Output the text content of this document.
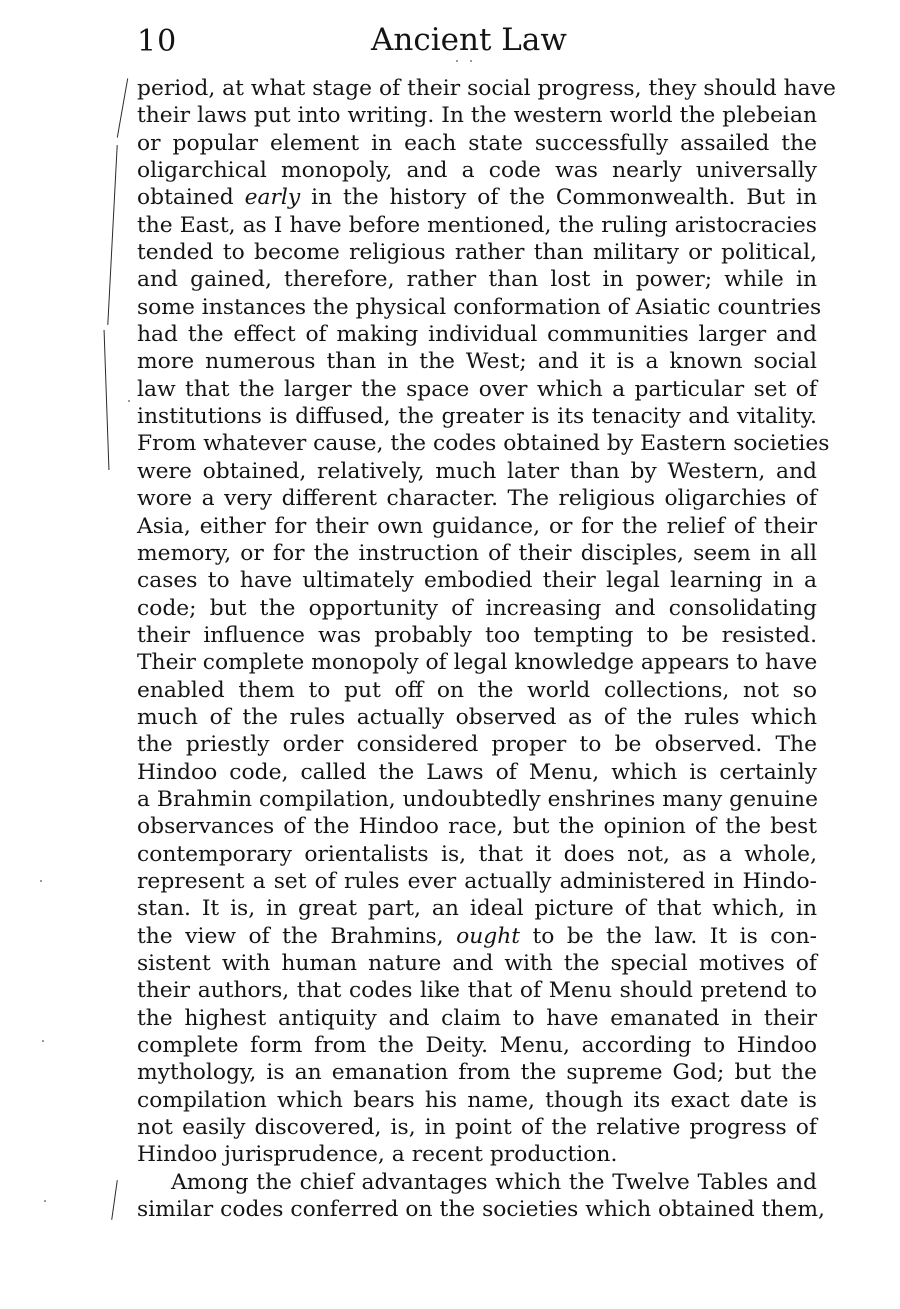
10	Ancient Law
period, at what stage of their social progress, they should have
their laws put into writing. In the western world the plebeian
or popular element in each state successfully assailed the
oligarchical monopoly, and a code was nearly universally
obtained early in the history of the Commonwealth. But in
the East, as I have before mentioned, the ruling aristocracies
tended to become religious rather than military or political,
and gained, therefore, rather than lost in power; while in
some instances the physical conformation of Asiatic countries
had the effect of making individual communities larger and
more numerous than in the West; and it is a known social
law that the larger the space over which a particular set of
institutions is diffused, the greater is its tenacity and vitality.
From whatever cause, the codes obtained by Eastern societies
were obtained, relatively, much later than by Western, and
wore a very different character. The religious oligarchies of
Asia, either for their own guidance, or for the relief of their
memory, or for the instruction of their disciples, seem in all
cases to have ultimately embodied their legal learning in a
code; but the opportunity of increasing and consolidating
their influence was probably too tempting to be resisted.
Their complete monopoly of legal knowledge appears to have
enabled them to put off on the world collections, not so
much of the rules actually observed as of the rules which
the priestly order considered proper to be observed. The
Hindoo code, called the Laws of Menu, which is certainly
a Brahmin compilation, undoubtedly enshrines many genuine
observances of the Hindoo race, but the opinion of the best
contemporary orientalists is, that it does not, as a whole,
represent a set of rules ever actually administered in Hindo-
stan. It is, in great part, an ideal picture of that which, in
the view of the Brahmins, ought to be the law. It is con-
sistent with human nature and with the special motives of
their authors, that codes like that of Menu should pretend to
the highest antiquity and claim to have emanated in their
complete form from the Deity. Menu, according to Hindoo
mythology, is an emanation from the supreme God; but the
compilation which bears his name, though its exact date is
not easily discovered, is, in point of the relative progress of
Hindoo jurisprudence, a recent production.
Among the chief advantages which the Twelve Tables and
similar codes conferred on the societies which obtained them,
